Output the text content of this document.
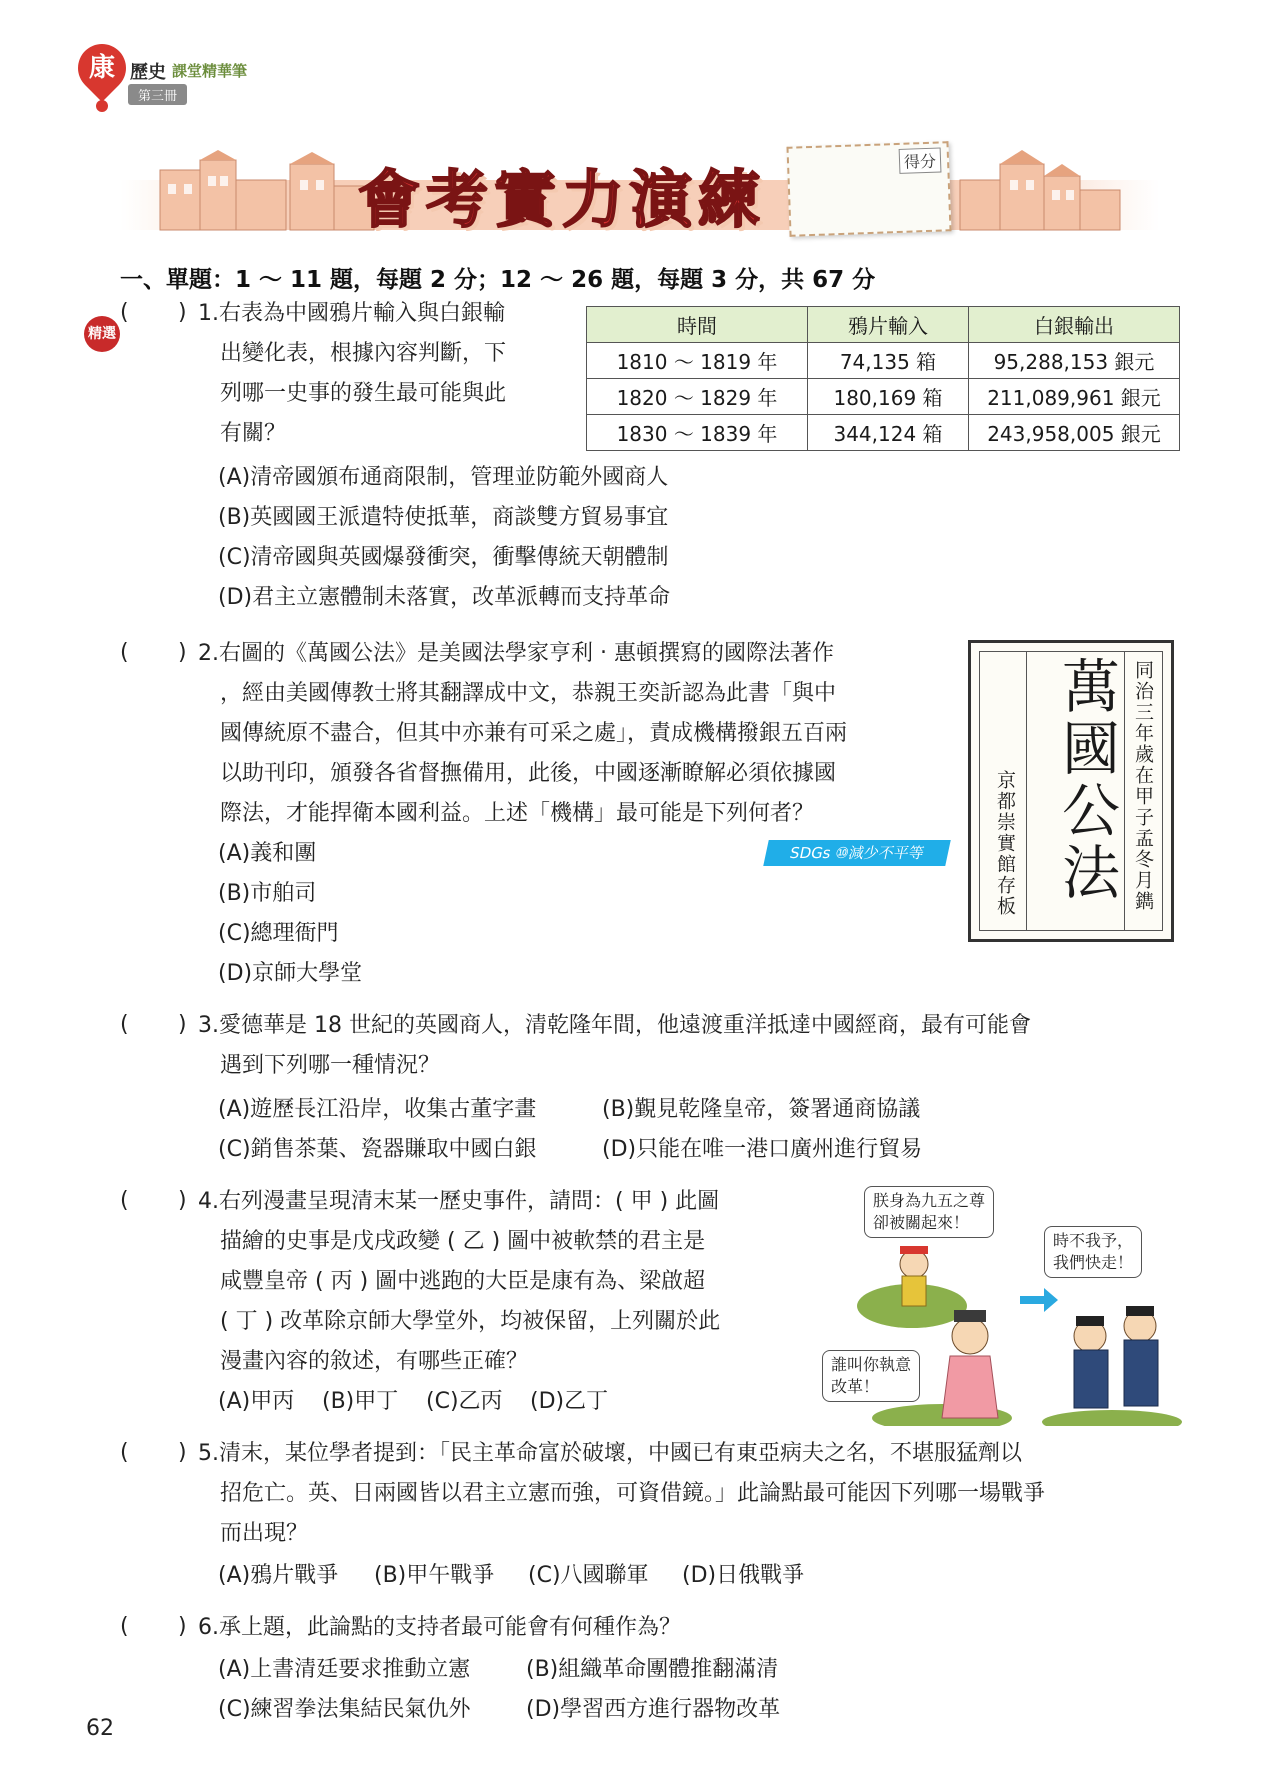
康 歷史 課堂精華筆
第三冊
會考實力演練
得分
一、單題：1 ～ 11 題，每題 2 分；12 ～ 26 題，每題 3 分，共 67 分
精選
( ) 1.右表為中國鴉片輸入與白銀輸
出變化表，根據內容判斷，下
列哪一史事的發生最可能與此
有關？
時間	鴉片輸入	白銀輸出
1810 ～ 1819 年	74,135 箱	95,288,153 銀元
1820 ～ 1829 年	180,169 箱	211,089,961 銀元
1830 ～ 1839 年	344,124 箱	243,958,005 銀元
(A)清帝國頒布通商限制，管理並防範外國商人
(B)英國國王派遣特使抵華，商談雙方貿易事宜
(C)清帝國與英國爆發衝突，衝擊傳統天朝體制
(D)君主立憲體制未落實，改革派轉而支持革命
( ) 2.右圖的《萬國公法》是美國法學家亨利 ‧ 惠頓撰寫的國際法著作
，經由美國傳教士將其翻譯成中文，恭親王奕訢認為此書「與中
國傳統原不盡合，但其中亦兼有可采之處」，責成機構撥銀五百兩
以助刊印，頒發各省督撫備用，此後，中國逐漸瞭解必須依據國
際法，才能捍衛本國利益。上述「機構」最可能是下列何者？
(A)義和團	SDGs ⑩減少不平等
(B)市舶司
(C)總理衙門
(D)京師大學堂
萬國公法 同治三年歲在甲子孟冬月鐫
京都崇實館存板
( ) 3.愛德華是 18 世紀的英國商人，清乾隆年間，他遠渡重洋抵達中國經商，最有可能會
遇到下列哪一種情況？
(A)遊歷長江沿岸，收集古董字畫	(B)覲見乾隆皇帝，簽署通商協議
(C)銷售茶葉、瓷器賺取中國白銀	(D)只能在唯一港口廣州進行貿易
( ) 4.右列漫畫呈現清末某一歷史事件，請問：( 甲 ) 此圖
描繪的史事是戊戌政變 ( 乙 ) 圖中被軟禁的君主是
咸豐皇帝 ( 丙 ) 圖中逃跑的大臣是康有為、梁啟超
( 丁 ) 改革除京師大學堂外，均被保留，上列關於此
漫畫內容的敘述，有哪些正確？
(A)甲丙 (B)甲丁 (C)乙丙 (D)乙丁
朕身為九五之尊
卻被關起來！
時不我予，
我們快走！
誰叫你執意
改革！
( ) 5.清末，某位學者提到：「民主革命富於破壞，中國已有東亞病夫之名，不堪服猛劑以
招危亡。英、日兩國皆以君主立憲而強，可資借鏡。」此論點最可能因下列哪一場戰爭
而出現？
(A)鴉片戰爭 (B)甲午戰爭 (C)八國聯軍 (D)日俄戰爭
( ) 6.承上題，此論點的支持者最可能會有何種作為？
(A)上書清廷要求推動立憲	(B)組織革命團體推翻滿清
(C)練習拳法集結民氣仇外	(D)學習西方進行器物改革
62
